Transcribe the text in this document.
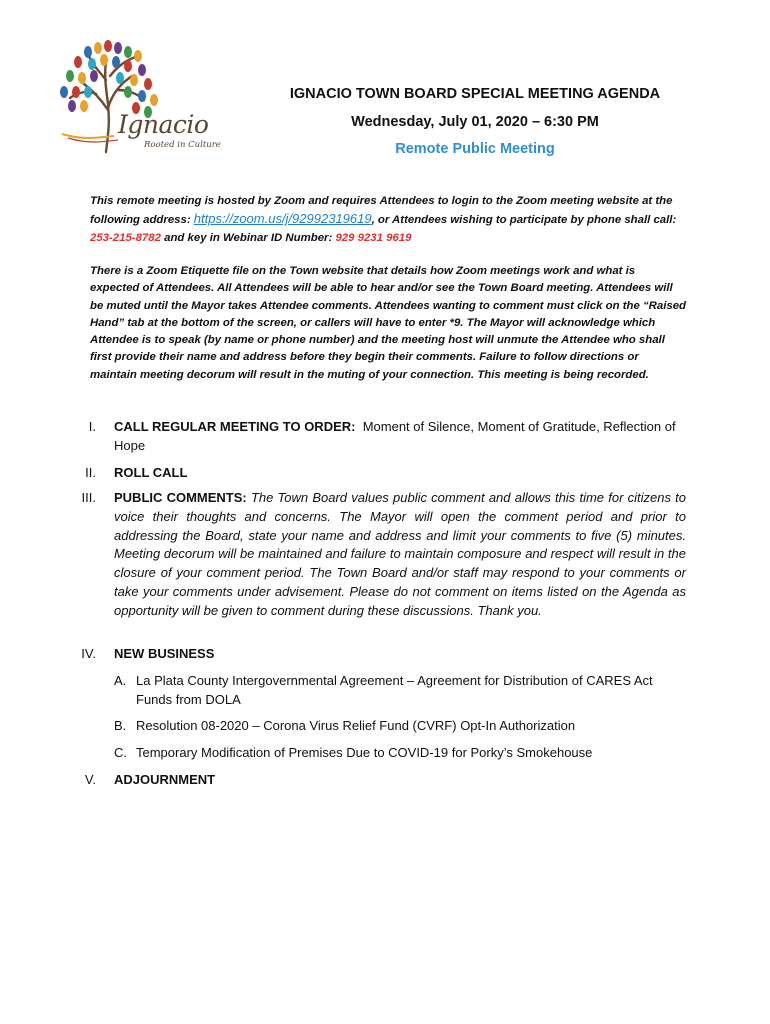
Ignacio
Rooted in Culture
IGNACIO TOWN BOARD SPECIAL MEETING AGENDA
Wednesday, July 01, 2020 – 6:30 PM
Remote Public Meeting
This remote meeting is hosted by Zoom and requires Attendees to login to the Zoom meeting website at the following address: https://zoom.us/j/92992319619, or Attendees wishing to participate by phone shall call: 253-215-8782 and key in Webinar ID Number: 929 9231 9619
There is a Zoom Etiquette file on the Town website that details how Zoom meetings work and what is expected of Attendees. All Attendees will be able to hear and/or see the Town Board meeting. Attendees will be muted until the Mayor takes Attendee comments. Attendees wanting to comment must click on the “Raised Hand” tab at the bottom of the screen, or callers will have to enter *9. The Mayor will acknowledge which Attendee is to speak (by name or phone number) and the meeting host will unmute the Attendee who shall first provide their name and address before they begin their comments. Failure to follow directions or maintain meeting decorum will result in the muting of your connection. This meeting is being recorded.
I. CALL REGULAR MEETING TO ORDER: Moment of Silence, Moment of Gratitude, Reflection of Hope
II. ROLL CALL
III. PUBLIC COMMENTS: The Town Board values public comment and allows this time for citizens to voice their thoughts and concerns. The Mayor will open the comment period and prior to addressing the Board, state your name and address and limit your comments to five (5) minutes. Meeting decorum will be maintained and failure to maintain composure and respect will result in the closure of your comment period. The Town Board and/or staff may respond to your comments or take your comments under advisement. Please do not comment on items listed on the Agenda as opportunity will be given to comment during these discussions. Thank you.
IV. NEW BUSINESS
A. La Plata County Intergovernmental Agreement – Agreement for Distribution of CARES Act Funds from DOLA
B. Resolution 08-2020 – Corona Virus Relief Fund (CVRF) Opt-In Authorization
C. Temporary Modification of Premises Due to COVID-19 for Porky’s Smokehouse
V. ADJOURNMENT
